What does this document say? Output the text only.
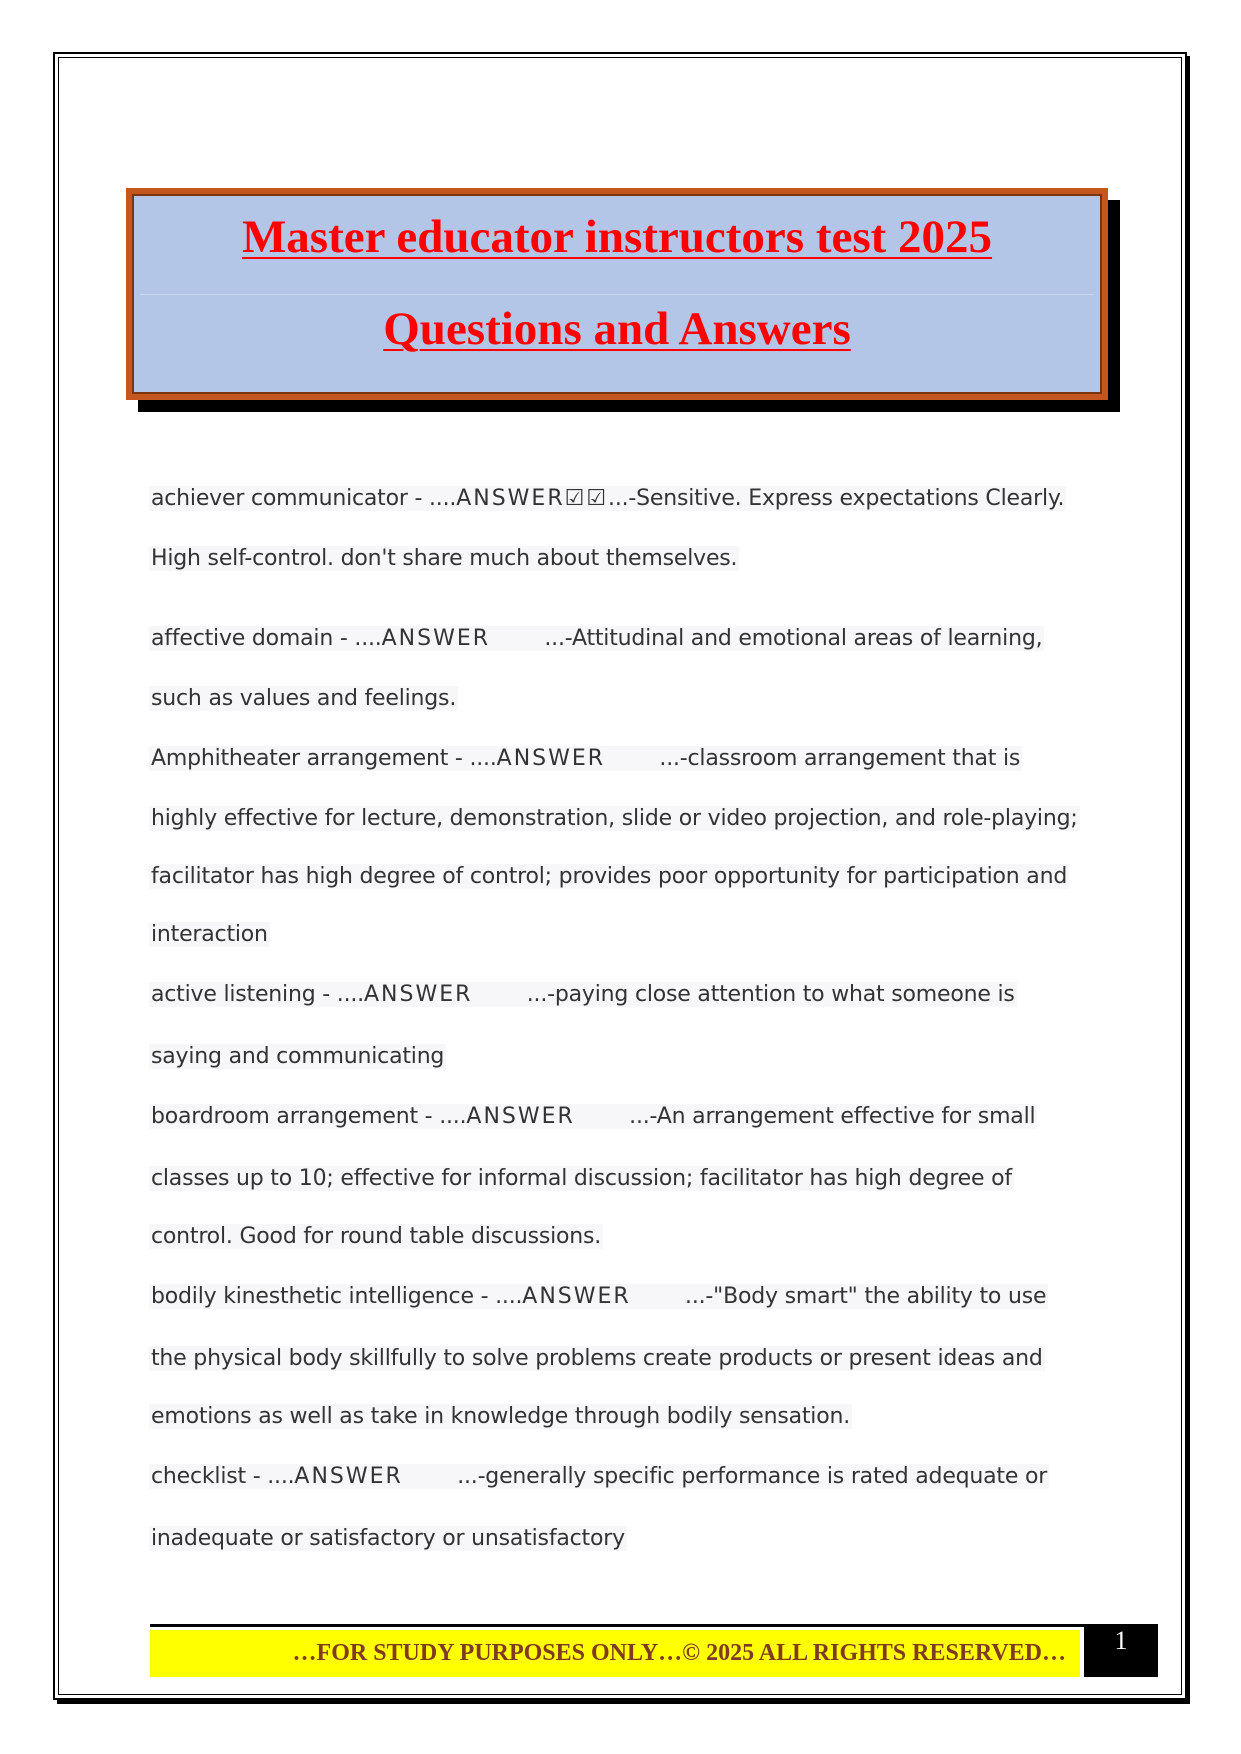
Master educator instructors test 2025
Questions and Answers
achiever communicator - ....ANSWER☑☑...-Sensitive. Express expectations Clearly.
High self-control. don't share much about themselves.
affective domain - ....ANSWER        ...-Attitudinal and emotional areas of learning,
such as values and feelings.
Amphitheater arrangement - ....ANSWER        ...-classroom arrangement that is
highly effective for lecture, demonstration, slide or video projection, and role-playing;
facilitator has high degree of control; provides poor opportunity for participation and
interaction
active listening - ....ANSWER        ...-paying close attention to what someone is
saying and communicating
boardroom arrangement - ....ANSWER        ...-An arrangement effective for small
classes up to 10; effective for informal discussion; facilitator has high degree of
control. Good for round table discussions.
bodily kinesthetic intelligence - ....ANSWER        ...-"Body smart" the ability to use
the physical body skillfully to solve problems create products or present ideas and
emotions as well as take in knowledge through bodily sensation.
checklist - ....ANSWER        ...-generally specific performance is rated adequate or
inadequate or satisfactory or unsatisfactory
…FOR STUDY PURPOSES ONLY…© 2025 ALL RIGHTS RESERVED…	1
